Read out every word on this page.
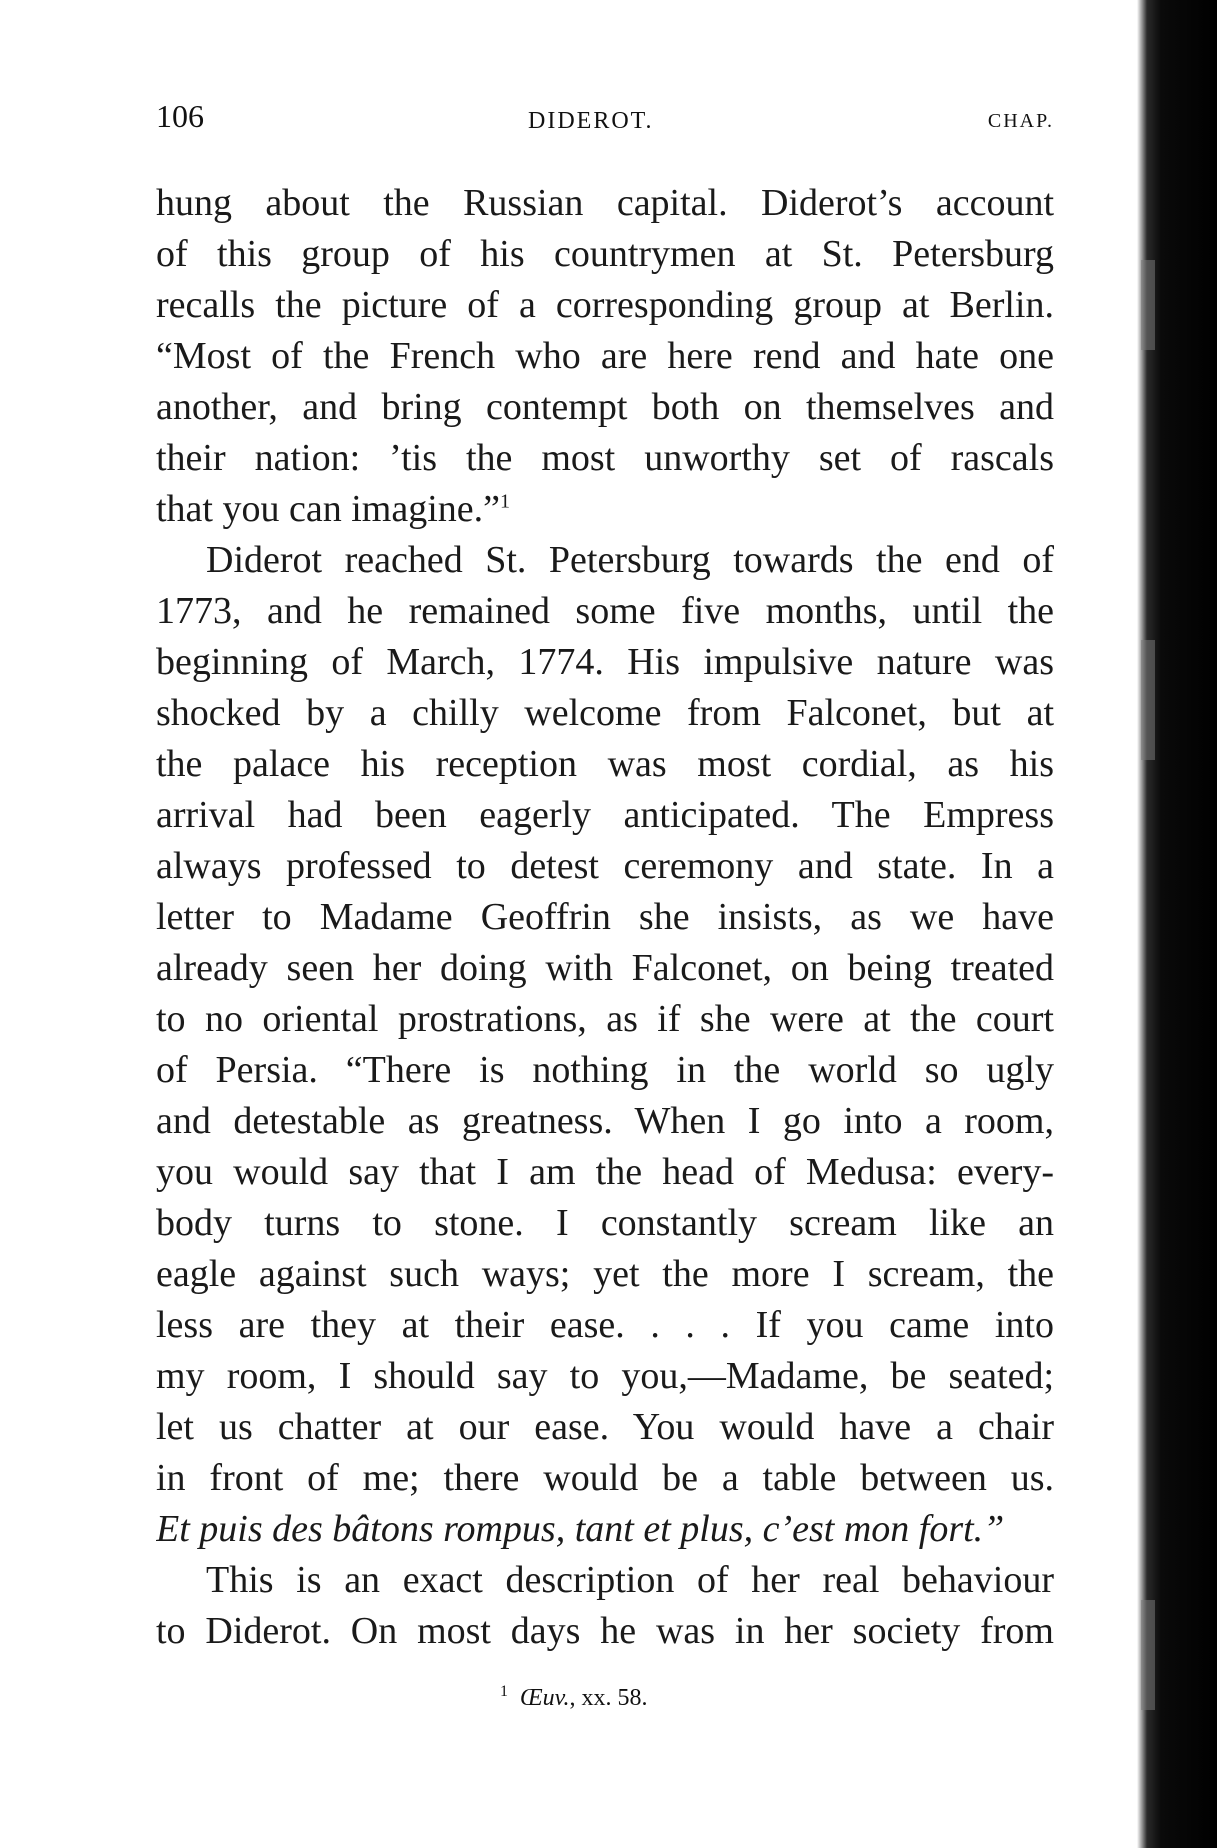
106	DIDEROT.	CHAP.
hung about the Russian capital. Diderot’s account
of this group of his countrymen at St. Petersburg
recalls the picture of a corresponding group at Berlin.
“Most of the French who are here rend and hate one
another, and bring contempt both on themselves and
their nation: ’tis the most unworthy set of rascals
that you can imagine.”$^1$
Diderot reached St. Petersburg towards the end of
1773, and he remained some five months, until the
beginning of March, 1774. His impulsive nature was
shocked by a chilly welcome from Falconet, but at
the palace his reception was most cordial, as his
arrival had been eagerly anticipated. The Empress
always professed to detest ceremony and state. In a
letter to Madame Geoffrin she insists, as we have
already seen her doing with Falconet, on being treated
to no oriental prostrations, as if she were at the court
of Persia. “There is nothing in the world so ugly
and detestable as greatness. When I go into a room,
you would say that I am the head of Medusa: every-
body turns to stone. I constantly scream like an
eagle against such ways; yet the more I scream, the
less are they at their ease. . . . If you came into
my room, I should say to you,—Madame, be seated;
let us chatter at our ease. You would have a chair
in front of me; there would be a table between us.
Et puis des bâtons rompus, tant et plus, c’est mon fort.”
This is an exact description of her real behaviour
to Diderot. On most days he was in her society from
$^1$ Œuv., xx. 58.
